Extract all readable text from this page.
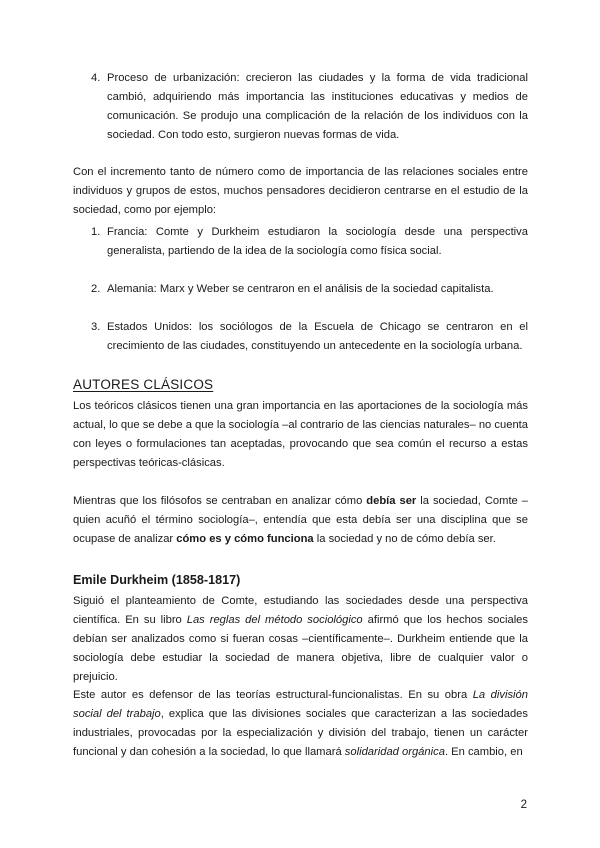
4. Proceso de urbanización: crecieron las ciudades y la forma de vida tradicional cambió, adquiriendo más importancia las instituciones educativas y medios de comunicación. Se produjo una complicación de la relación de los individuos con la sociedad. Con todo esto, surgieron nuevas formas de vida.

Con el incremento tanto de número como de importancia de las relaciones sociales entre individuos y grupos de estos, muchos pensadores decidieron centrarse en el estudio de la sociedad, como por ejemplo:

1. Francia: Comte y Durkheim estudiaron la sociología desde una perspectiva generalista, partiendo de la idea de la sociología como física social.
2. Alemania: Marx y Weber se centraron en el análisis de la sociedad capitalista.
3. Estados Unidos: los sociólogos de la Escuela de Chicago se centraron en el crecimiento de las ciudades, constituyendo un antecedente en la sociología urbana.
AUTORES CLÁSICOS

Los teóricos clásicos tienen una gran importancia en las aportaciones de la sociología más actual, lo que se debe a que la sociología –al contrario de las ciencias naturales– no cuenta con leyes o formulaciones tan aceptadas, provocando que sea común el recurso a estas perspectivas teóricas-clásicas.

Mientras que los filósofos se centraban en analizar cómo debía ser la sociedad, Comte –quien acuñó el término sociología–, entendía que esta debía ser una disciplina que se ocupase de analizar cómo es y cómo funciona la sociedad y no de cómo debía ser.

Emile Durkheim (1858-1817)

Siguió el planteamiento de Comte, estudiando las sociedades desde una perspectiva científica. En su libro Las reglas del método sociológico afirmó que los hechos sociales debían ser analizados como si fueran cosas –científicamente–. Durkheim entiende que la sociología debe estudiar la sociedad de manera objetiva, libre de cualquier valor o prejuicio.

Este autor es defensor de las teorías estructural-funcionalistas. En su obra La división social del trabajo, explica que las divisiones sociales que caracterizan a las sociedades industriales, provocadas por la especialización y división del trabajo, tienen un carácter funcional y dan cohesión a la sociedad, lo que llamará solidaridad orgánica. En cambio, en

2
